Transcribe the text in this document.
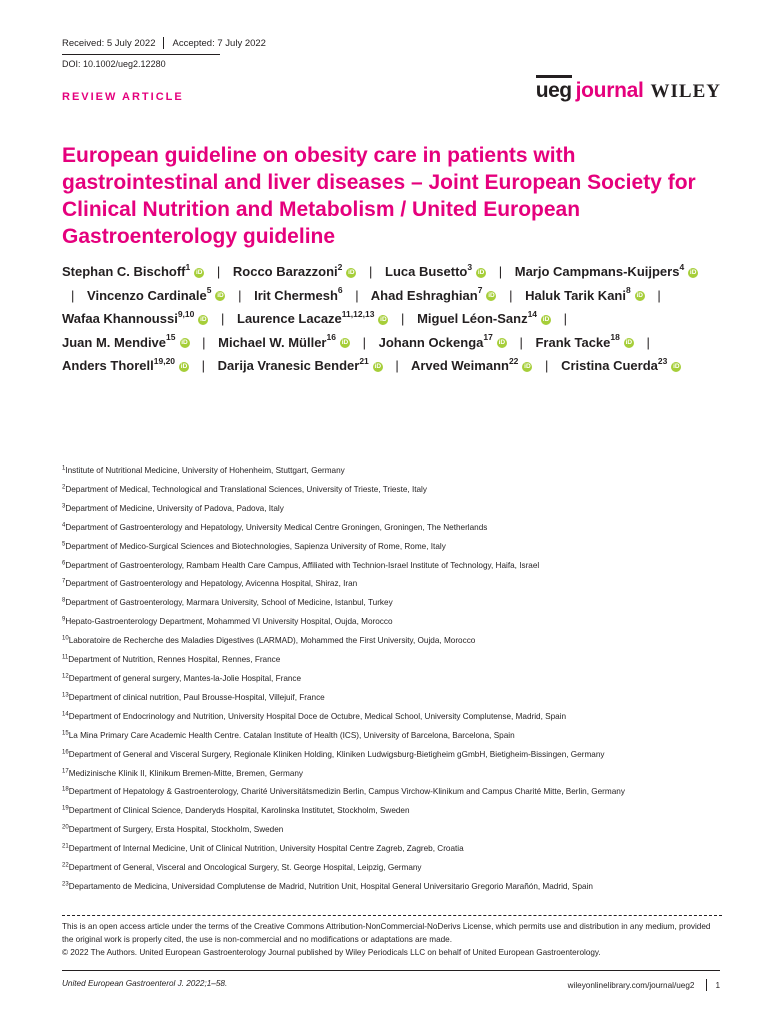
Received: 5 July 2022 Accepted: 7 July 2022
DOI: 10.1002/ueg2.12280
ueg journal WILEY
REVIEW ARTICLE
European guideline on obesity care in patients with gastrointestinal and liver diseases – Joint European Society for Clinical Nutrition and Metabolism / United European Gastroenterology guideline

Stephan C. Bischoff$^1$iD | Rocco Barazzoni$^2$iD | Luca Busetto$^3$iD | Marjo Campmans-Kuijpers$^4$iD | Vincenzo Cardinale$^5$iD | Irit Chermesh$^6$ | Ahad Eshraghian$^7$iD | Haluk Tarik Kani$^8$iD | Wafaa Khannoussi$^{9,10}$iD | Laurence Lacaze$^{11,12,13}$iD | Miguel Léon-Sanz$^{14}$iD | Juan M. Mendive$^{15}$iD | Michael W. Müller$^{16}$iD | Johann Ockenga$^{17}$iD | Frank Tacke$^{18}$iD | Anders Thorell$^{19,20}$iD | Darija Vranesic Bender$^{21}$iD | Arved Weimann$^{22}$iD | Cristina Cuerda$^{23}$iD

$^1$Institute of Nutritional Medicine, University of Hohenheim, Stuttgart, Germany
$^2$Department of Medical, Technological and Translational Sciences, University of Trieste, Trieste, Italy
$^3$Department of Medicine, University of Padova, Padova, Italy
$^4$Department of Gastroenterology and Hepatology, University Medical Centre Groningen, Groningen, The Netherlands
$^5$Department of Medico-Surgical Sciences and Biotechnologies, Sapienza University of Rome, Rome, Italy
$^6$Department of Gastroenterology, Rambam Health Care Campus, Affiliated with Technion-Israel Institute of Technology, Haifa, Israel
$^7$Department of Gastroenterology and Hepatology, Avicenna Hospital, Shiraz, Iran
$^8$Department of Gastroenterology, Marmara University, School of Medicine, Istanbul, Turkey
$^9$Hepato-Gastroenterology Department, Mohammed VI University Hospital, Oujda, Morocco
$^{10}$Laboratoire de Recherche des Maladies Digestives (LARMAD), Mohammed the First University, Oujda, Morocco
$^{11}$Department of Nutrition, Rennes Hospital, Rennes, France
$^{12}$Department of general surgery, Mantes-la-Jolie Hospital, France
$^{13}$Department of clinical nutrition, Paul Brousse-Hospital, Villejuif, France
$^{14}$Department of Endocrinology and Nutrition, University Hospital Doce de Octubre, Medical School, University Complutense, Madrid, Spain
$^{15}$La Mina Primary Care Academic Health Centre. Catalan Institute of Health (ICS), University of Barcelona, Barcelona, Spain
$^{16}$Department of General and Visceral Surgery, Regionale Kliniken Holding, Kliniken Ludwigsburg-Bietigheim gGmbH, Bietigheim-Bissingen, Germany
$^{17}$Medizinische Klinik II, Klinikum Bremen-Mitte, Bremen, Germany
$^{18}$Department of Hepatology & Gastroenterology, Charité Universitätsmedizin Berlin, Campus Virchow-Klinikum and Campus Charité Mitte, Berlin, Germany
$^{19}$Department of Clinical Science, Danderyds Hospital, Karolinska Institutet, Stockholm, Sweden
$^{20}$Department of Surgery, Ersta Hospital, Stockholm, Sweden
$^{21}$Department of Internal Medicine, Unit of Clinical Nutrition, University Hospital Centre Zagreb, Zagreb, Croatia
$^{22}$Department of General, Visceral and Oncological Surgery, St. George Hospital, Leipzig, Germany
$^{23}$Departamento de Medicina, Universidad Complutense de Madrid, Nutrition Unit, Hospital General Universitario Gregorio Marañón, Madrid, Spain

This is an open access article under the terms of the Creative Commons Attribution-NonCommercial-NoDerivs License, which permits use and distribution in any medium, provided the original work is properly cited, the use is non-commercial and no modifications or adaptations are made.

© 2022 The Authors. United European Gastroenterology Journal published by Wiley Periodicals LLC on behalf of United European Gastroenterology.

United European Gastroenterol J. 2022;1–58.	wileyonlinelibrary.com/journal/ueg2	1
